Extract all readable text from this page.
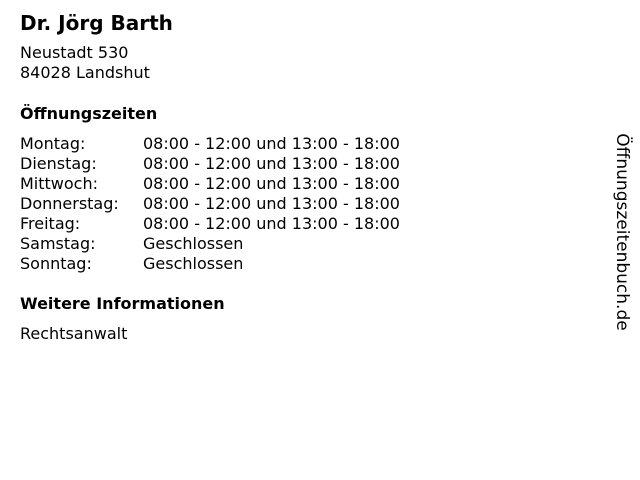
Dr. Jörg Barth
Neustadt 530
84028 Landshut
Öffnungszeiten
Montag:	08:00 - 12:00 und 13:00 - 18:00
Dienstag:	08:00 - 12:00 und 13:00 - 18:00
Mittwoch:	08:00 - 12:00 und 13:00 - 18:00
Donnerstag:	08:00 - 12:00 und 13:00 - 18:00
Freitag:	08:00 - 12:00 und 13:00 - 18:00
Samstag:	Geschlossen
Sonntag:	Geschlossen
Weitere Informationen
Rechtsanwalt
Öffnungszeitenbuch.de
